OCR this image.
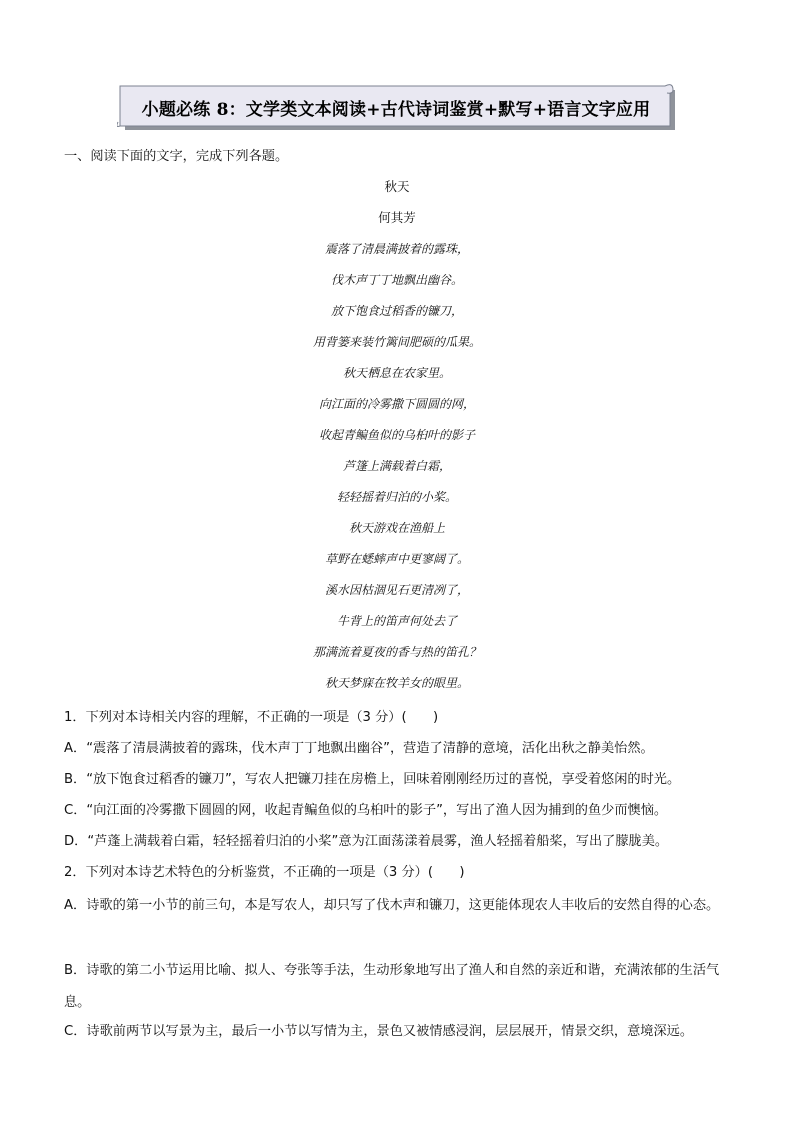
小题必练 8：文学类文本阅读+古代诗词鉴赏+默写+语言文字应用
一、阅读下面的文字，完成下列各题。
秋天
何其芳
震落了清晨满披着的露珠，
伐木声丁丁地飘出幽谷。
放下饱食过稻香的镰刀，
用背篓来装竹篱间肥硕的瓜果。
秋天栖息在农家里。
向江面的冷雾撒下圆圆的网，
收起青鳊鱼似的乌桕叶的影子
芦篷上满载着白霜，
轻轻摇着归泊的小桨。
秋天游戏在渔船上
草野在蟋蟀声中更寥阔了。
溪水因枯涸见石更清冽了，
牛背上的笛声何处去了
那满流着夏夜的香与热的笛孔？
秋天梦寐在牧羊女的眼里。
1．下列对本诗相关内容的理解，不正确的一项是（3 分）(　　)
A．“震落了清晨满披着的露珠，伐木声丁丁地飘出幽谷”，营造了清静的意境，活化出秋之静美怡然。
B．“放下饱食过稻香的镰刀”，写农人把镰刀挂在房檐上，回味着刚刚经历过的喜悦，享受着悠闲的时光。
C．“向江面的冷雾撒下圆圆的网，收起青鳊鱼似的乌桕叶的影子”，写出了渔人因为捕到的鱼少而懊恼。
D．“芦蓬上满载着白霜，轻轻摇着归泊的小桨”意为江面荡漾着晨雾，渔人轻摇着船桨，写出了朦胧美。
2．下列对本诗艺术特色的分析鉴赏，不正确的一项是（3 分）(　　)
A．诗歌的第一小节的前三句，本是写农人，却只写了伐木声和镰刀，这更能体现农人丰收后的安然自得的心态。
B．诗歌的第二小节运用比喻、拟人、夸张等手法，生动形象地写出了渔人和自然的亲近和谐，充满浓郁的生活气息。
C．诗歌前两节以写景为主，最后一小节以写情为主，景色又被情感浸润，层层展开，情景交织，意境深远。
